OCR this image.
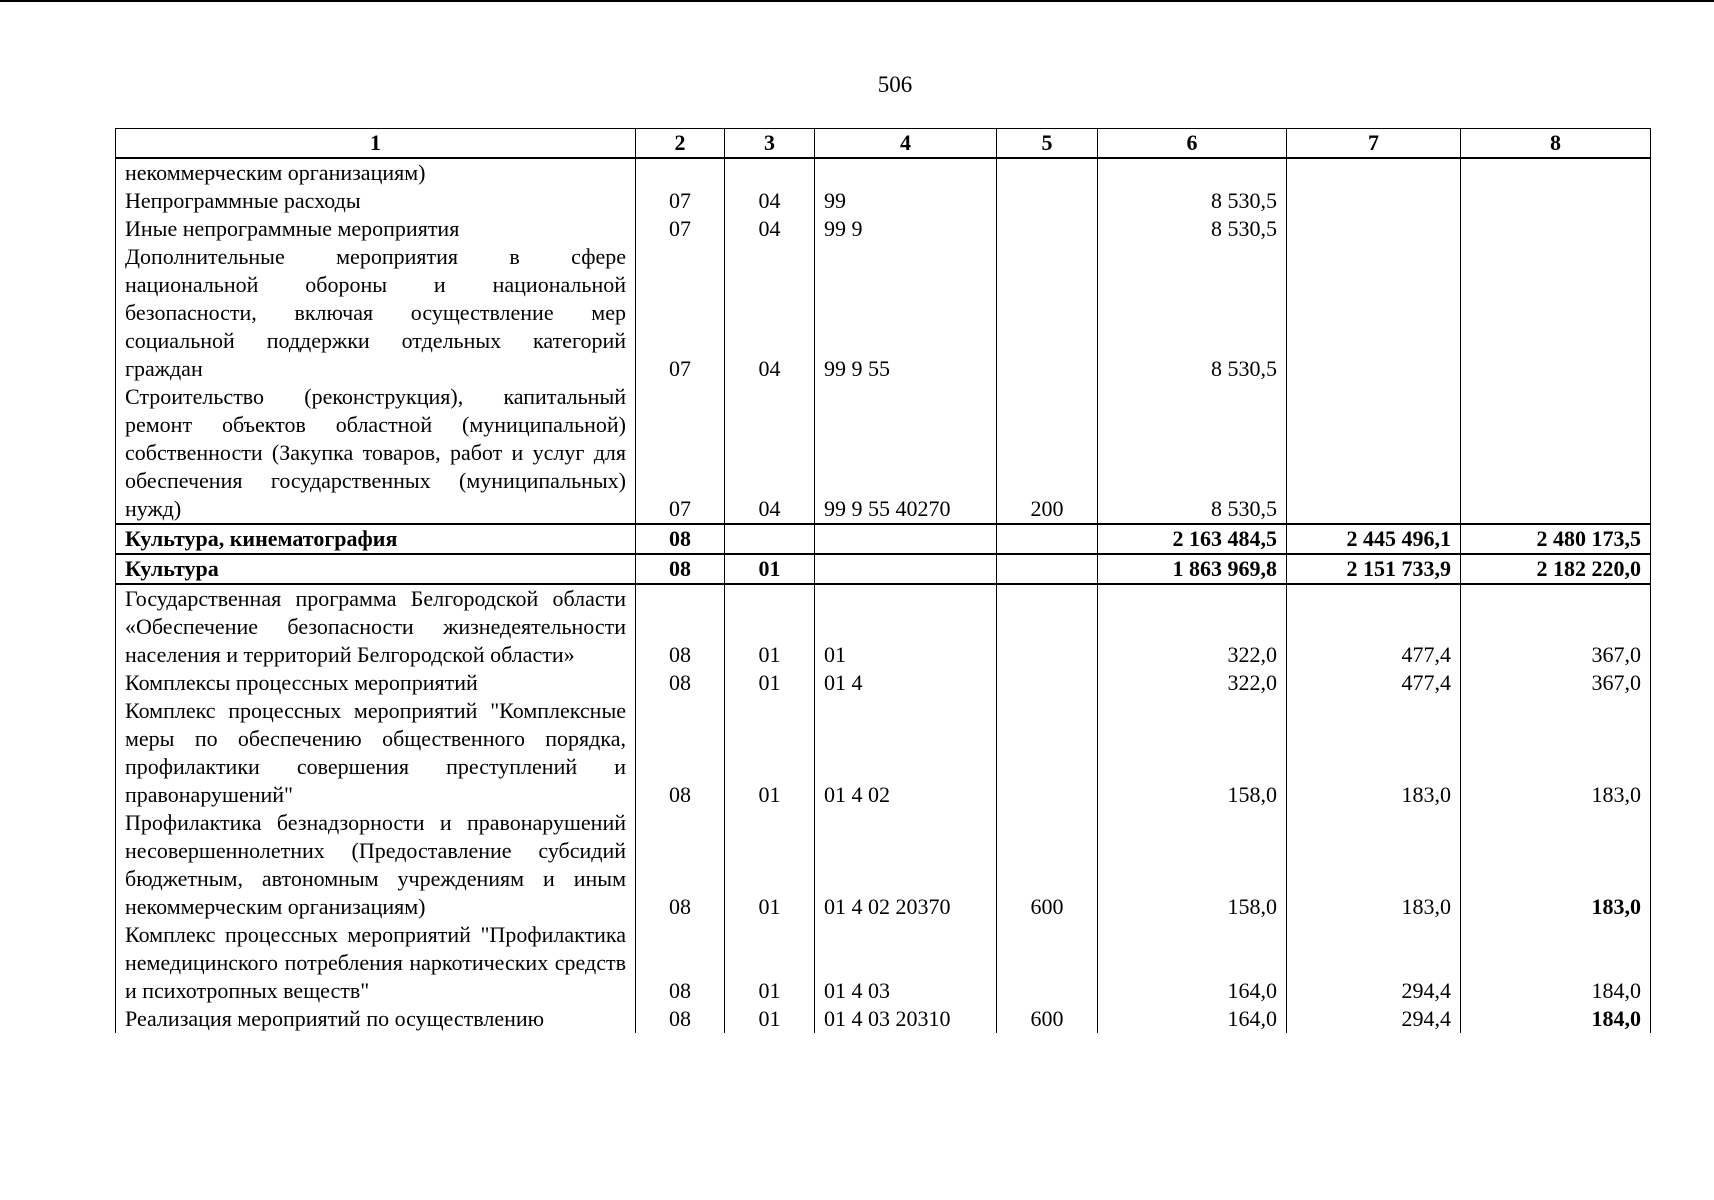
506
1	2	3	4	5	6	7	8
некоммерческим организациям)							
Непрограммные расходы	07	04	99		8 530,5		
Иные непрограммные мероприятия	07	04	99 9		8 530,5		
Дополнительные мероприятия в сфере национальной обороны и национальной безопасности, включая осуществление мер социальной поддержки отдельных категорий граждан	07	04	99 9 55		8 530,5		
Строительство (реконструкция), капитальный ремонт объектов областной (муниципальной) собственности (Закупка товаров, работ и услуг для обеспечения государственных (муниципальных) нужд)	07	04	99 9 55 40270	200	8 530,5		
Культура, кинематография	08				2 163 484,5	2 445 496,1	2 480 173,5
Культура	08	01			1 863 969,8	2 151 733,9	2 182 220,0
Государственная программа Белгородской области «Обеспечение безопасности жизнедеятельности населения и территорий Белгородской области»	08	01	01		322,0	477,4	367,0
Комплексы процессных мероприятий	08	01	01 4		322,0	477,4	367,0
Комплекс процессных мероприятий "Комплексные меры по обеспечению общественного порядка, профилактики совершения преступлений и правонарушений"	08	01	01 4 02		158,0	183,0	183,0
Профилактика безнадзорности и правонарушений несовершеннолетних (Предоставление субсидий бюджетным, автономным учреждениям и иным некоммерческим организациям)	08	01	01 4 02 20370	600	158,0	183,0	183,0
Комплекс процессных мероприятий "Профилактика немедицинского потребления наркотических средств и психотропных веществ"	08	01	01 4 03		164,0	294,4	184,0
Реализация мероприятий по осуществлению	08	01	01 4 03 20310	600	164,0	294,4	184,0
